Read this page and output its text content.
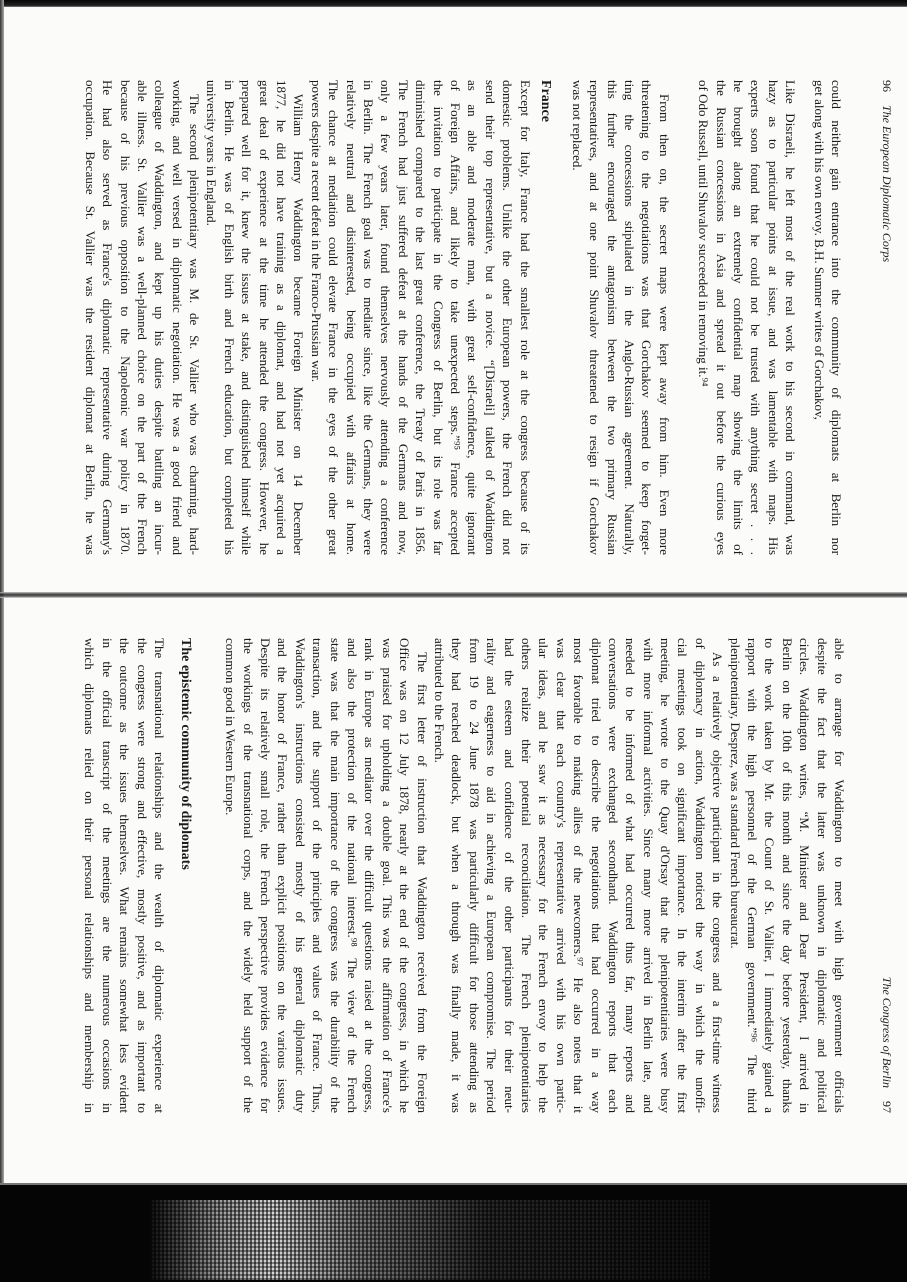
96 The European Diplomatic Corps
could neither gain entrance into the community of diplomats at Berlin nor
get along with his own envoy. B.H. Sumner writes of Gorchakov,
Like Disraeli, he left most of the real work to his second in command, was
hazy as to particular points at issue, and was lamentable with maps. His
experts soon found that he could not be trusted with anything secret . . .
he brought along an extremely confidential map showing the limits of
the Russian concessions in Asia and spread it out before the curious eyes
of Odo Russell, until Shuvalov succeeded in removing it.⁹⁴
From then on, the secret maps were kept away from him. Even more
threatening to the negotiations was that Gorchakov seemed to keep forget-
ting the concessions stipulated in the Anglo-Russian agreement. Naturally,
this further encouraged the antagonism between the two primary Russian
representatives, and at one point Shuvalov threatened to resign if Gorchakov
was not replaced.
France
Except for Italy, France had the smallest role at the congress because of its
domestic problems. Unlike the other European powers, the French did not
send their top representative, but a novice. “[Disraeli] talked of Waddington
as an able and moderate man, with great self-confidence, quite ignorant
of Foreign Affairs, and likely to take unexpected steps.”⁹⁵ France accepted
the invitation to participate in the Congress of Berlin, but its role was far
diminished compared to the last great conference, the Treaty of Paris in 1856.
The French had just suffered defeat at the hands of the Germans and now,
only a few years later, found themselves nervously attending a conference
in Berlin. The French goal was to mediate since, like the Germans, they were
relatively neutral and disinterested, being occupied with affairs at home.
The chance at mediation could elevate France in the eyes of the other great
powers despite a recent defeat in the Franco-Prussian war.
William Henry Waddington became Foreign Minister on 14 December
1877, he did not have training as a diplomat, and had not yet acquired a
great deal of experience at the time he attended the congress. However, he
prepared well for it, knew the issues at stake, and distinguished himself while
in Berlin. He was of English birth and French education, but completed his
university years in England.
The second plenipotentiary was M. de St. Vallier who was charming, hard-
working, and well versed in diplomatic negotiation. He was a good friend and
colleague of Waddington, and kept up his duties despite battling an incur-
able illness. St. Vallier was a well-planned choice on the part of the French
because of his previous opposition to the Napoleonic war policy in 1870.
He had also served as France's diplomatic representative during Germany's
occupation. Because St. Vallier was the resident diplomat at Berlin, he was
The Congress of Berlin 97
able to arrange for Waddington to meet with high government officials
despite the fact that the latter was unknown in diplomatic and political
circles. Waddington writes, “M. Minister and Dear President, I arrived in
Berlin on the 10th of this month and since the day before yesterday, thanks
to the work taken by Mr. the Count of St. Vallier, I immediately gained a
rapport with the high personnel of the German government.”⁹⁶ The third
plenipotentiary, Desprez, was a standard French bureaucrat.
As a relatively objective participant in the congress and a first-time witness
of diplomacy in action, Waddington noticed the way in which the unoffi-
cial meetings took on significant importance. In the interim after the first
meeting, he wrote to the Quay d'Orsay that the plenipotentiaries were busy
with more informal activities. Since many more arrived in Berlin late, and
needed to be informed of what had occurred thus far, many reports and
conversations were exchanged secondhand. Waddington reports that each
diplomat tried to describe the negotiations that had occurred in a way
most favorable to making allies of the newcomers.⁹⁷ He also notes that it
was clear that each country's representative arrived with his own partic-
ular ideas, and he saw it as necessary for the French envoy to help the
others realize their potential reconciliation. The French plenipotentiaries
had the esteem and confidence of the other participants for their neut-
rality and eagerness to aid in achieving a European compromise. The period
from 19 to 24 June 1878 was particularly difficult for those attending as
they had reached deadlock, but when a through was finally made, it was
attributed to the French.
The first letter of instruction that Waddington received from the Foreign
Office was on 12 July 1878, nearly at the end of the congress, in which he
was praised for upholding a double goal. This was the affirmation of France's
rank in Europe as mediator over the difficult questions raised at the congress,
and also the protection of the national interest.⁹⁸ The view of the French
state was that the main importance of the congress was the durability of the
transaction, and the support of the principles and values of France. Thus,
Waddington's instructions consisted mostly of his general diplomatic duty
and the honor of France, rather than explicit positions on the various issues.
Despite its relatively small role, the French perspective provides evidence for
the workings of the transnational corps, and the widely held support of the
common good in Western Europe.
The epistemic community of diplomats
The transnational relationships and the wealth of diplomatic experience at
the congress were strong and effective, mostly positive, and as important to
the outcome as the issues themselves. What remains somewhat less evident
in the official transcript of the meetings are the numerous occasions in
which diplomats relied on their personal relationships and membership in
